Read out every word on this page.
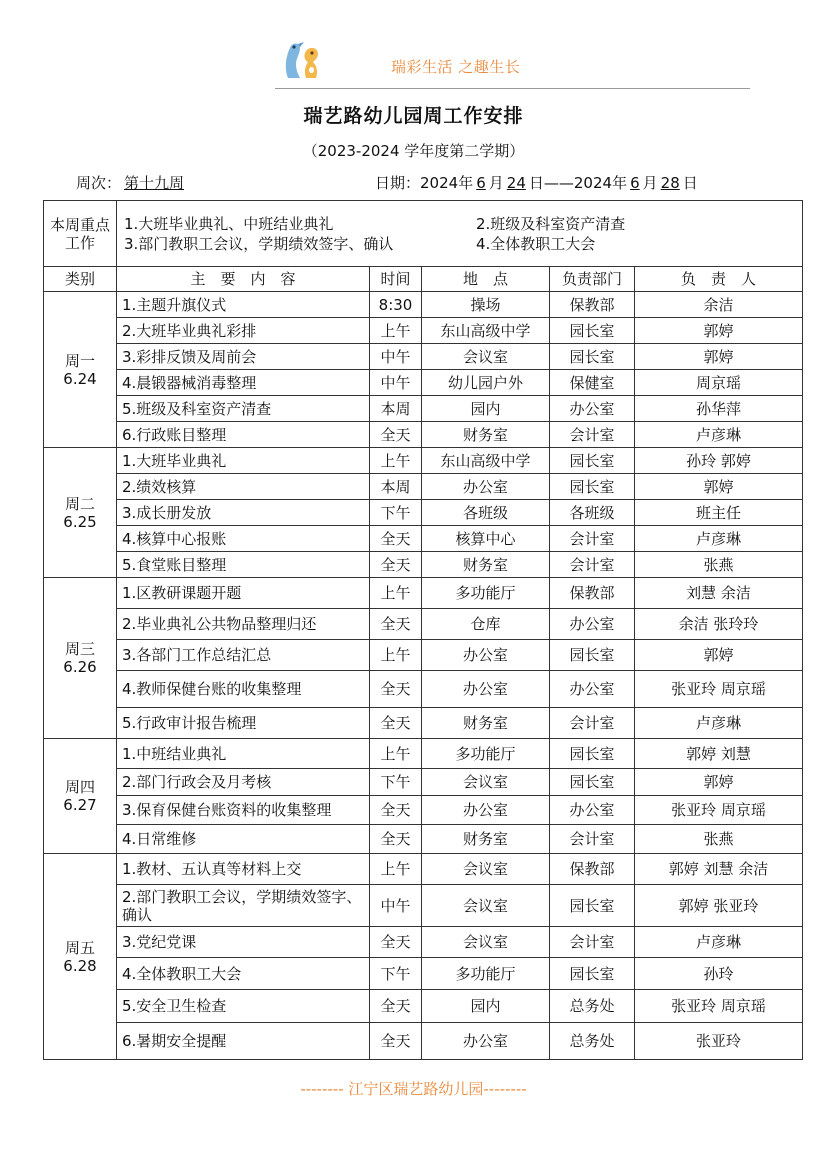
瑞彩生活 之趣生长
瑞艺路幼儿园周工作安排
（2023-2024 学年度第二学期）
周次： 第十九周	日期：2024年 6 月 24 日——2024年 6 月 28 日
本周重点工作	1.大班毕业典礼、中班结业典礼 2.班级及科室资产清查
3.部门教职工会议，学期绩效签字、确认 4.全体教职工大会				

类别	主　要　内　容	时间	地　点	负责部门	负　责　人

周一
6.24	1.主题升旗仪式	8:30	操场	保教部	余洁
	2.大班毕业典礼彩排	上午	东山高级中学	园长室	郭婷
	3.彩排反馈及周前会	中午	会议室	园长室	郭婷
	4.晨锻器械消毒整理	中午	幼儿园户外	保健室	周京瑶
	5.班级及科室资产清查	本周	园内	办公室	孙华萍
	6.行政账目整理	全天	财务室	会计室	卢彦琳

周二
6.25	1.大班毕业典礼	上午	东山高级中学	园长室	孙玲 郭婷
	2.绩效核算	本周	办公室	园长室	郭婷
	3.成长册发放	下午	各班级	各班级	班主任
	4.核算中心报账	全天	核算中心	会计室	卢彦琳
	5.食堂账目整理	全天	财务室	会计室	张燕

周三
6.26	1.区教研课题开题	上午	多功能厅	保教部	刘慧 余洁
	2.毕业典礼公共物品整理归还	全天	仓库	办公室	余洁 张玲玲
	3.各部门工作总结汇总	上午	办公室	园长室	郭婷
	4.教师保健台账的收集整理	全天	办公室	办公室	张亚玲 周京瑶
	5.行政审计报告梳理	全天	财务室	会计室	卢彦琳

周四
6.27	1.中班结业典礼	上午	多功能厅	园长室	郭婷 刘慧
	2.部门行政会及月考核	下午	会议室	园长室	郭婷
	3.保育保健台账资料的收集整理	全天	办公室	办公室	张亚玲 周京瑶
	4.日常维修	全天	财务室	会计室	张燕

周五
6.28	1.教材、五认真等材料上交	上午	会议室	保教部	郭婷 刘慧 余洁
	2.部门教职工会议，学期绩效签字、确认	中午	会议室	园长室	郭婷 张亚玲
	3.党纪党课	全天	会议室	会计室	卢彦琳
	4.全体教职工大会	下午	多功能厅	园长室	孙玲
	5.安全卫生检查	全天	园内	总务处	张亚玲 周京瑶
	6.暑期安全提醒	全天	办公室	总务处	张亚玲
-------- 江宁区瑞艺路幼儿园--------
